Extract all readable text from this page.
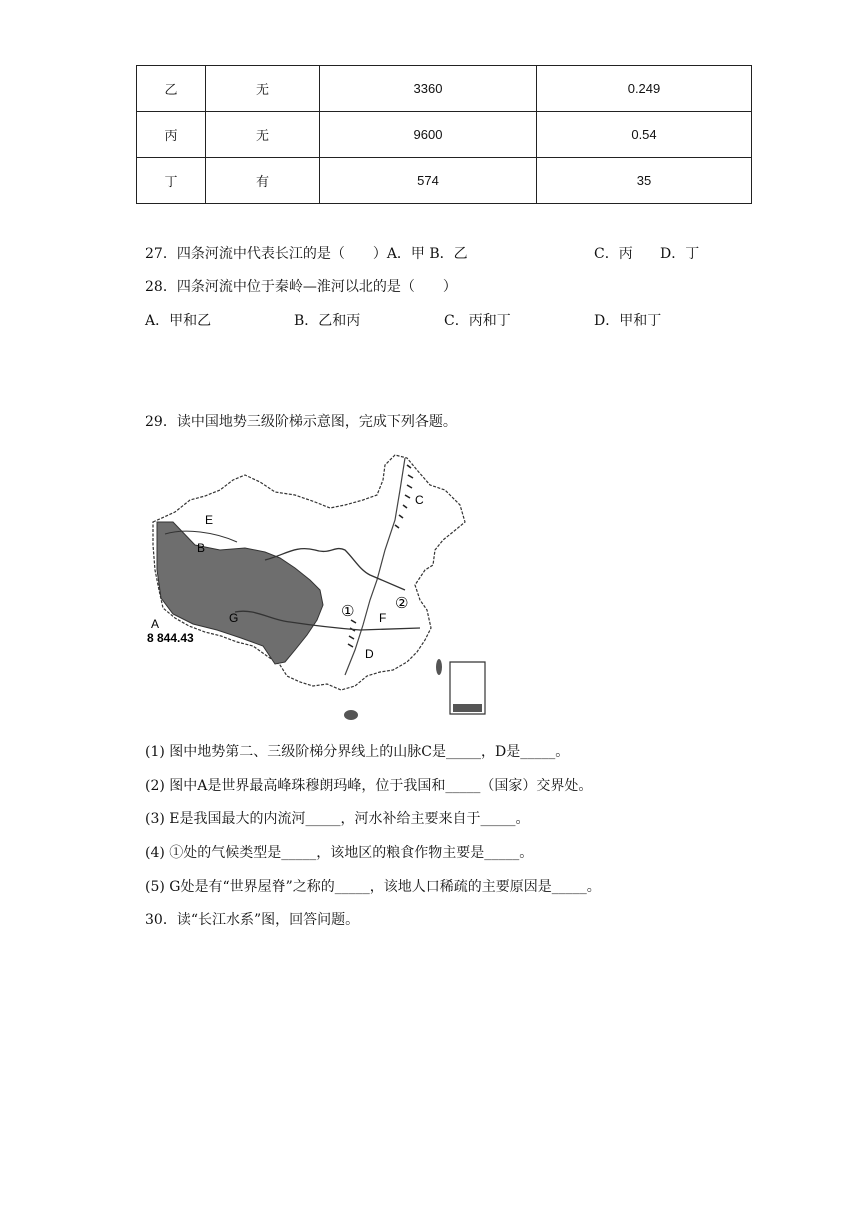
乙	无	3360	0.249
丙	无	9600	0.54
丁	有	574	35
27．四条河流中代表长江的是（　　）A．甲 B．乙	C．丙 D．丁
28．四条河流中位于秦岭—淮河以北的是（　　）
A．甲和乙	B．乙和丙	C．丙和丁	D．甲和丁
29．读中国地势三级阶梯示意图，完成下列各题。
E
B
C
D
F
G
A
8 844.43
①	②
(1) 图中地势第二、三级阶梯分界线上的山脉C是_____，D是_____。
(2) 图中A是世界最高峰珠穆朗玛峰，位于我国和_____（国家）交界处。
(3) E是我国最大的内流河_____，河水补给主要来自于_____。
(4) ①处的气候类型是_____，该地区的粮食作物主要是_____。
(5) G处是有“世界屋脊”之称的_____，该地人口稀疏的主要原因是_____。
30．读“长江水系”图，回答问题。
